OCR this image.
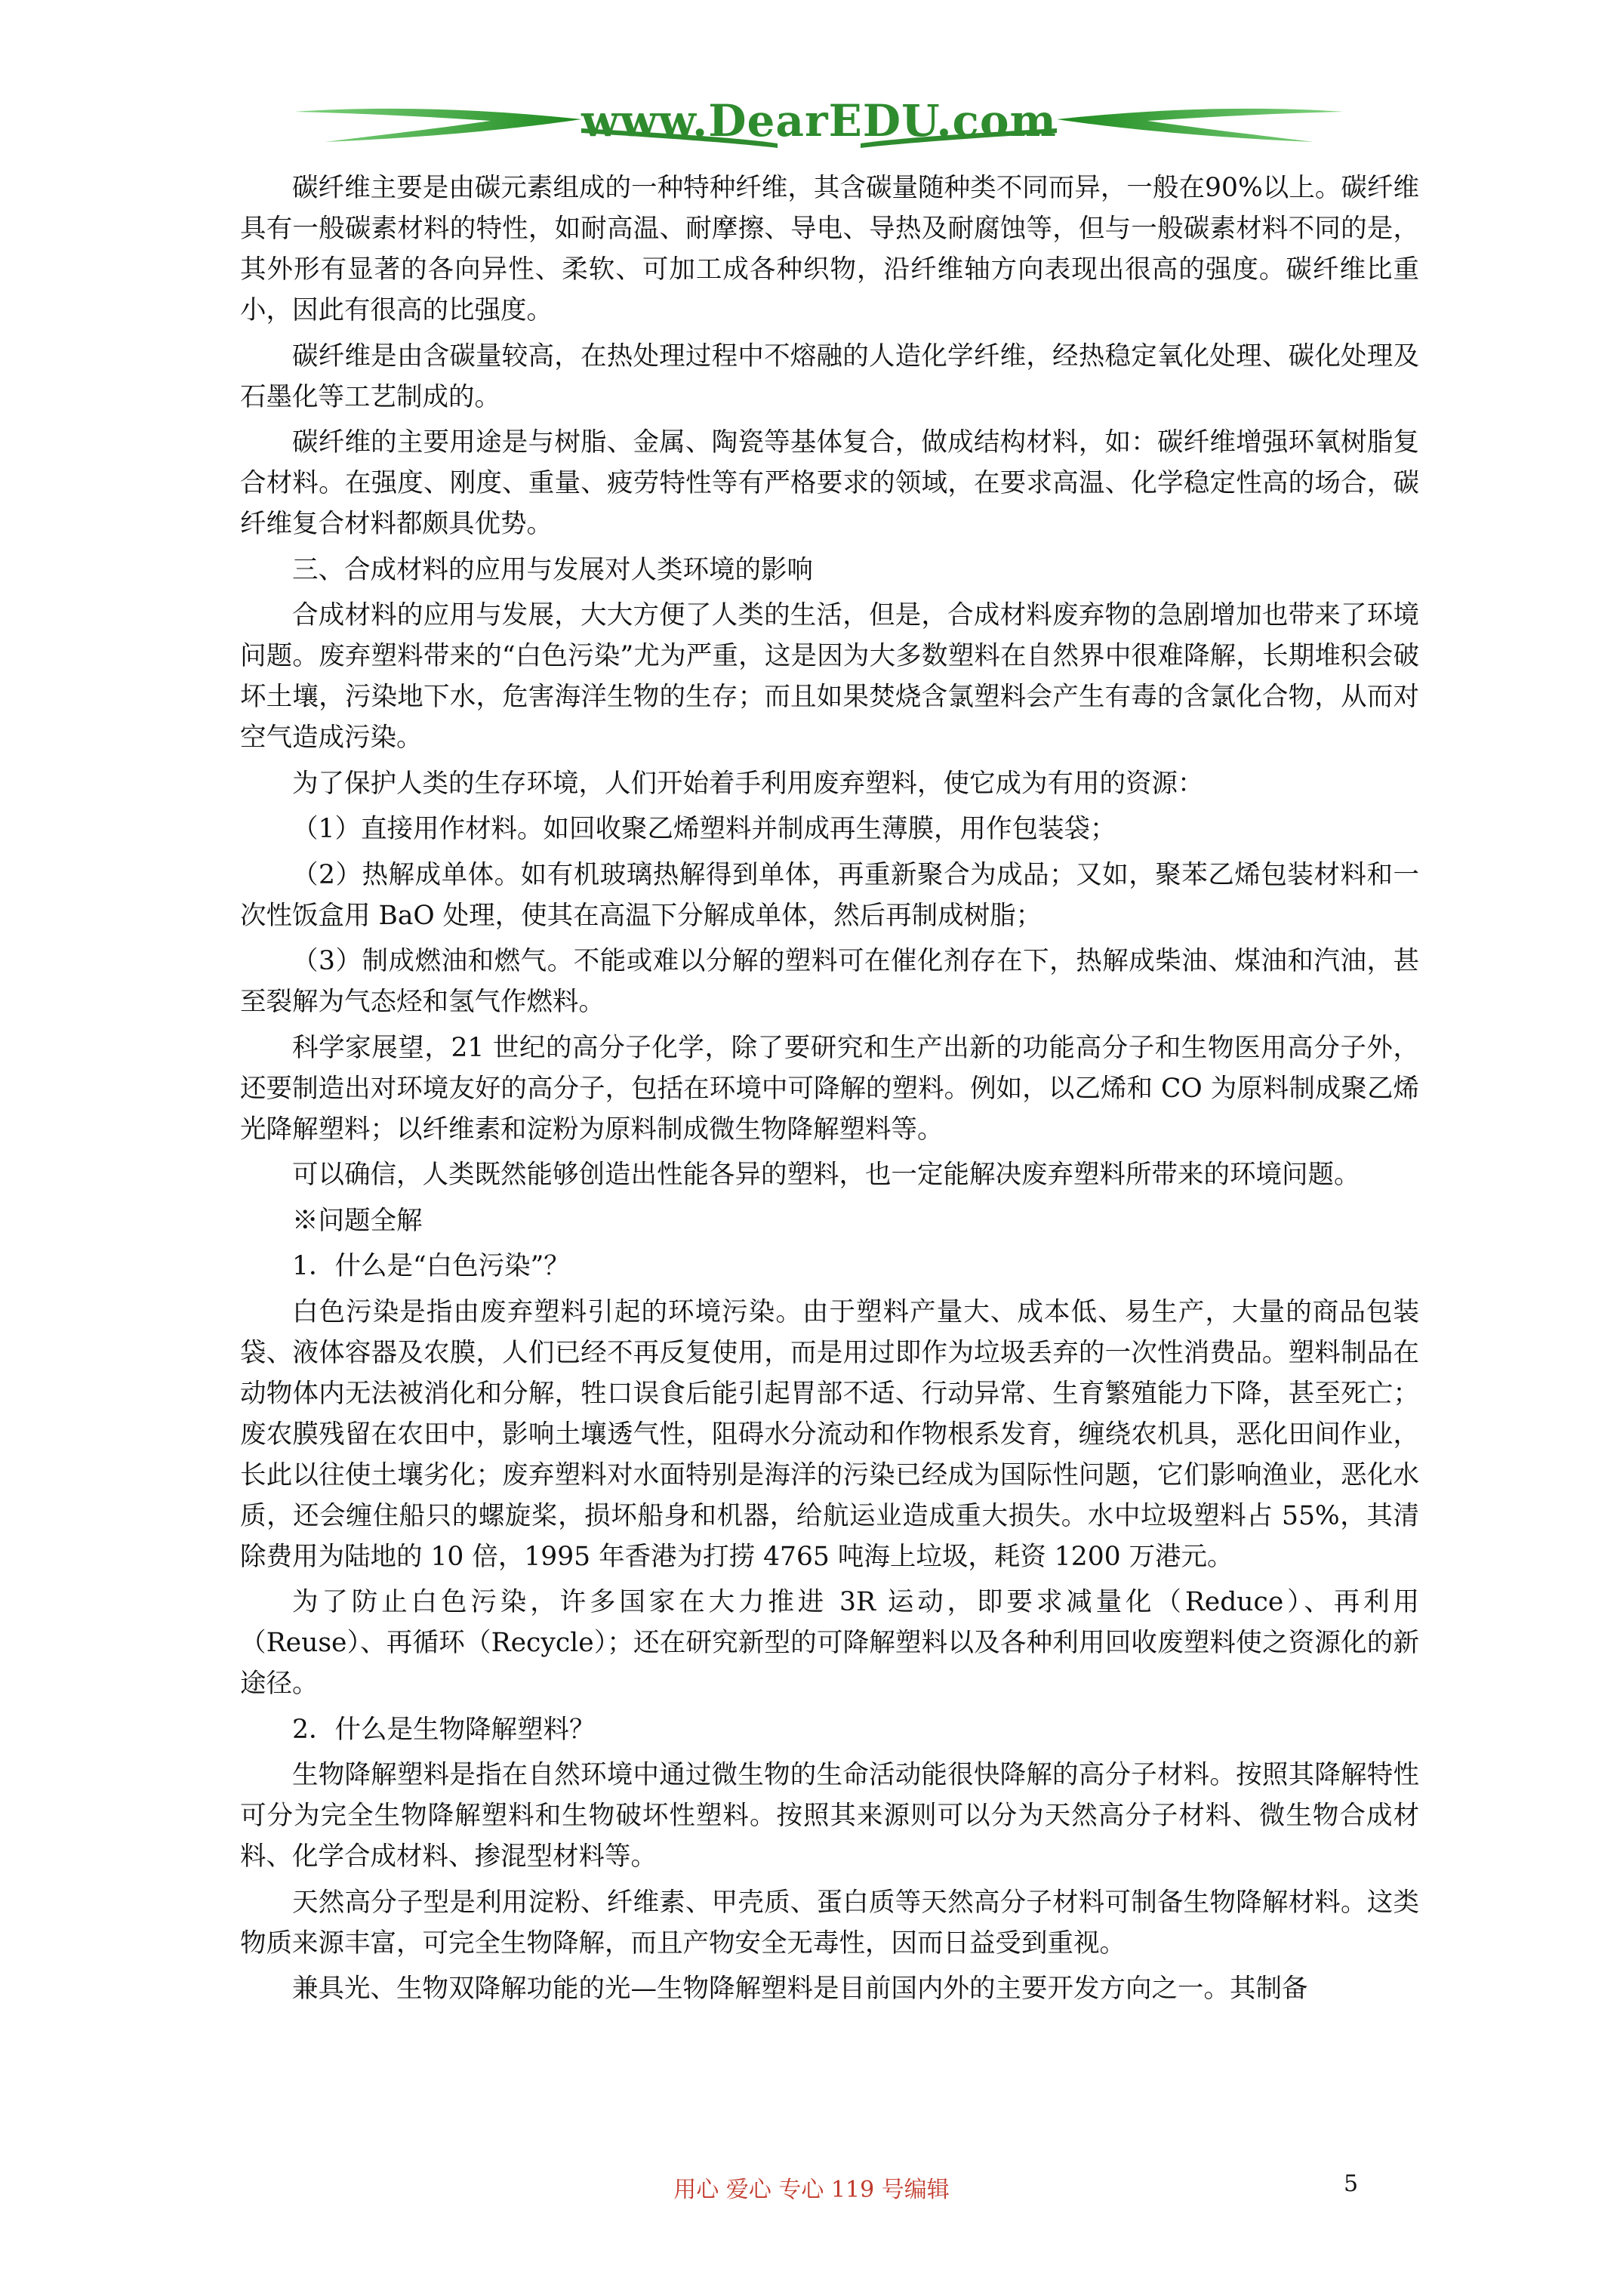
www.DearEDU.com

碳纤维主要是由碳元素组成的一种特种纤维，其含碳量随种类不同而异，一般在90%以上。碳纤维具有一般碳素材料的特性，如耐高温、耐摩擦、导电、导热及耐腐蚀等，但与一般碳素材料不同的是，其外形有显著的各向异性、柔软、可加工成各种织物，沿纤维轴方向表现出很高的强度。碳纤维比重小，因此有很高的比强度。

碳纤维是由含碳量较高，在热处理过程中不熔融的人造化学纤维，经热稳定氧化处理、碳化处理及石墨化等工艺制成的。

碳纤维的主要用途是与树脂、金属、陶瓷等基体复合，做成结构材料，如：碳纤维增强环氧树脂复合材料。在强度、刚度、重量、疲劳特性等有严格要求的领域，在要求高温、化学稳定性高的场合，碳纤维复合材料都颇具优势。

三、合成材料的应用与发展对人类环境的影响

合成材料的应用与发展，大大方便了人类的生活，但是，合成材料废弃物的急剧增加也带来了环境问题。废弃塑料带来的“白色污染”尤为严重，这是因为大多数塑料在自然界中很难降解，长期堆积会破坏土壤，污染地下水，危害海洋生物的生存；而且如果焚烧含氯塑料会产生有毒的含氯化合物，从而对空气造成污染。

为了保护人类的生存环境，人们开始着手利用废弃塑料，使它成为有用的资源：

（1）直接用作材料。如回收聚乙烯塑料并制成再生薄膜，用作包装袋；

（2）热解成单体。如有机玻璃热解得到单体，再重新聚合为成品；又如，聚苯乙烯包装材料和一次性饭盒用 BaO 处理，使其在高温下分解成单体，然后再制成树脂；

（3）制成燃油和燃气。不能或难以分解的塑料可在催化剂存在下，热解成柴油、煤油和汽油，甚至裂解为气态烃和氢气作燃料。

科学家展望，21 世纪的高分子化学，除了要研究和生产出新的功能高分子和生物医用高分子外，还要制造出对环境友好的高分子，包括在环境中可降解的塑料。例如，以乙烯和 CO 为原料制成聚乙烯光降解塑料；以纤维素和淀粉为原料制成微生物降解塑料等。

可以确信，人类既然能够创造出性能各异的塑料，也一定能解决废弃塑料所带来的环境问题。

※问题全解

1．什么是“白色污染”？

白色污染是指由废弃塑料引起的环境污染。由于塑料产量大、成本低、易生产，大量的商品包装袋、液体容器及农膜，人们已经不再反复使用，而是用过即作为垃圾丢弃的一次性消费品。塑料制品在动物体内无法被消化和分解，牲口误食后能引起胃部不适、行动异常、生育繁殖能力下降，甚至死亡；废农膜残留在农田中，影响土壤透气性，阻碍水分流动和作物根系发育，缠绕农机具，恶化田间作业，长此以往使土壤劣化；废弃塑料对水面特别是海洋的污染已经成为国际性问题，它们影响渔业，恶化水质，还会缠住船只的螺旋桨，损坏船身和机器，给航运业造成重大损失。水中垃圾塑料占 55%，其清除费用为陆地的 10 倍，1995 年香港为打捞 4765 吨海上垃圾，耗资 1200 万港元。

为了防止白色污染，许多国家在大力推进 3R 运动，即要求减量化（Reduce）、再利用（Reuse）、再循环（Recycle）；还在研究新型的可降解塑料以及各种利用回收废塑料使之资源化的新途径。

2．什么是生物降解塑料？

生物降解塑料是指在自然环境中通过微生物的生命活动能很快降解的高分子材料。按照其降解特性可分为完全生物降解塑料和生物破坏性塑料。按照其来源则可以分为天然高分子材料、微生物合成材料、化学合成材料、掺混型材料等。

天然高分子型是利用淀粉、纤维素、甲壳质、蛋白质等天然高分子材料可制备生物降解材料。这类物质来源丰富，可完全生物降解，而且产物安全无毒性，因而日益受到重视。

兼具光、生物双降解功能的光—生物降解塑料是目前国内外的主要开发方向之一。其制备

用心 爱心 专心 119 号编辑	5
